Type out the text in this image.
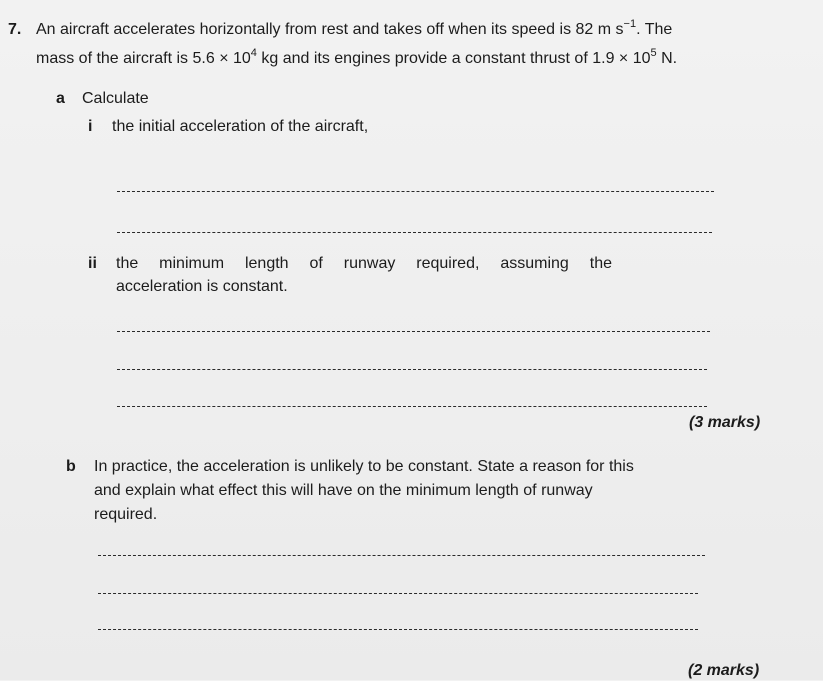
7. An aircraft accelerates horizontally from rest and takes off when its speed is 82 m $s^{-1}$. The
mass of the aircraft is $5.6 \times 10^4$ kg and its engines provide a constant thrust of $1.9 \times 10^5$ N.
a Calculate
i the initial acceleration of the aircraft,
ii the minimum length of runway required, assuming the
acceleration is constant.
(3 marks)
b In practice, the acceleration is unlikely to be constant. State a reason for this
and explain what effect this will have on the minimum length of runway
required.
(2 marks)
